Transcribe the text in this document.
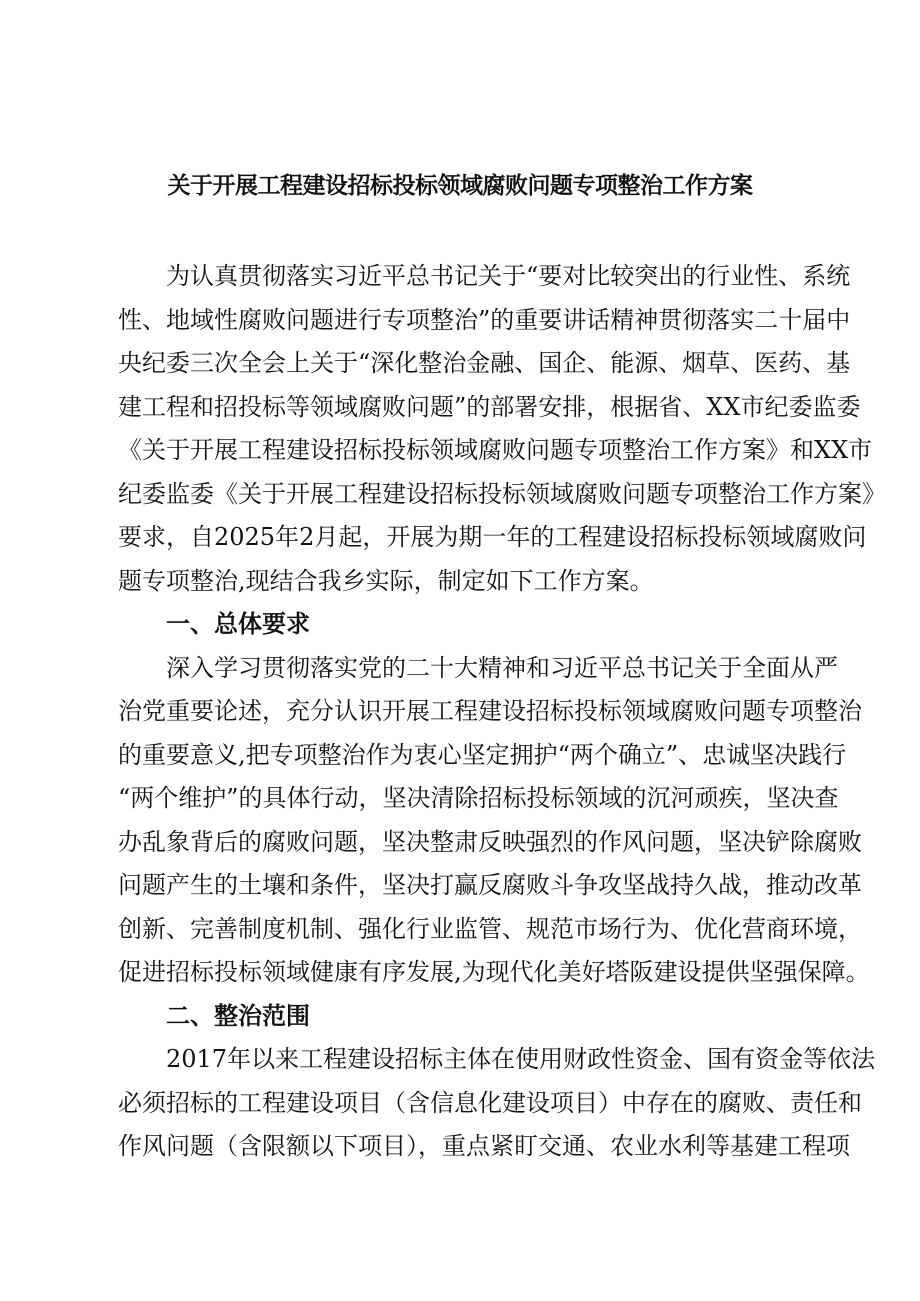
关于开展工程建设招标投标领域腐败问题专项整治工作方案
为认真贯彻落实习近平总书记关于“要对比较突出的行业性、系统
性、地域性腐败问题进行专项整治”的重要讲话精神贯彻落实二十届中
央纪委三次全会上关于“深化整治金融、国企、能源、烟草、医药、基
建工程和招投标等领域腐败问题”的部署安排，根据省、XX市纪委监委
《关于开展工程建设招标投标领域腐败问题专项整治工作方案》和XX市
纪委监委《关于开展工程建设招标投标领域腐败问题专项整治工作方案》
要求，自2025年2月起，开展为期一年的工程建设招标投标领域腐败问
题专项整治,现结合我乡实际，制定如下工作方案。
一、总体要求
深入学习贯彻落实党的二十大精神和习近平总书记关于全面从严
治党重要论述，充分认识开展工程建设招标投标领域腐败问题专项整治
的重要意义,把专项整治作为衷心坚定拥护“两个确立”、忠诚坚决践行
“两个维护”的具体行动，坚决清除招标投标领域的沉河顽疾，坚决查
办乱象背后的腐败问题，坚决整肃反映强烈的作风问题，坚决铲除腐败
问题产生的土壤和条件，坚决打赢反腐败斗争攻坚战持久战，推动改革
创新、完善制度机制、强化行业监管、规范市场行为、优化营商环境，
促进招标投标领域健康有序发展,为现代化美好塔阪建设提供坚强保障。
二、整治范围
2017年以来工程建设招标主体在使用财政性资金、国有资金等依法
必须招标的工程建设项目（含信息化建设项目）中存在的腐败、责任和
作风问题（含限额以下项目），重点紧盯交通、农业水利等基建工程项
